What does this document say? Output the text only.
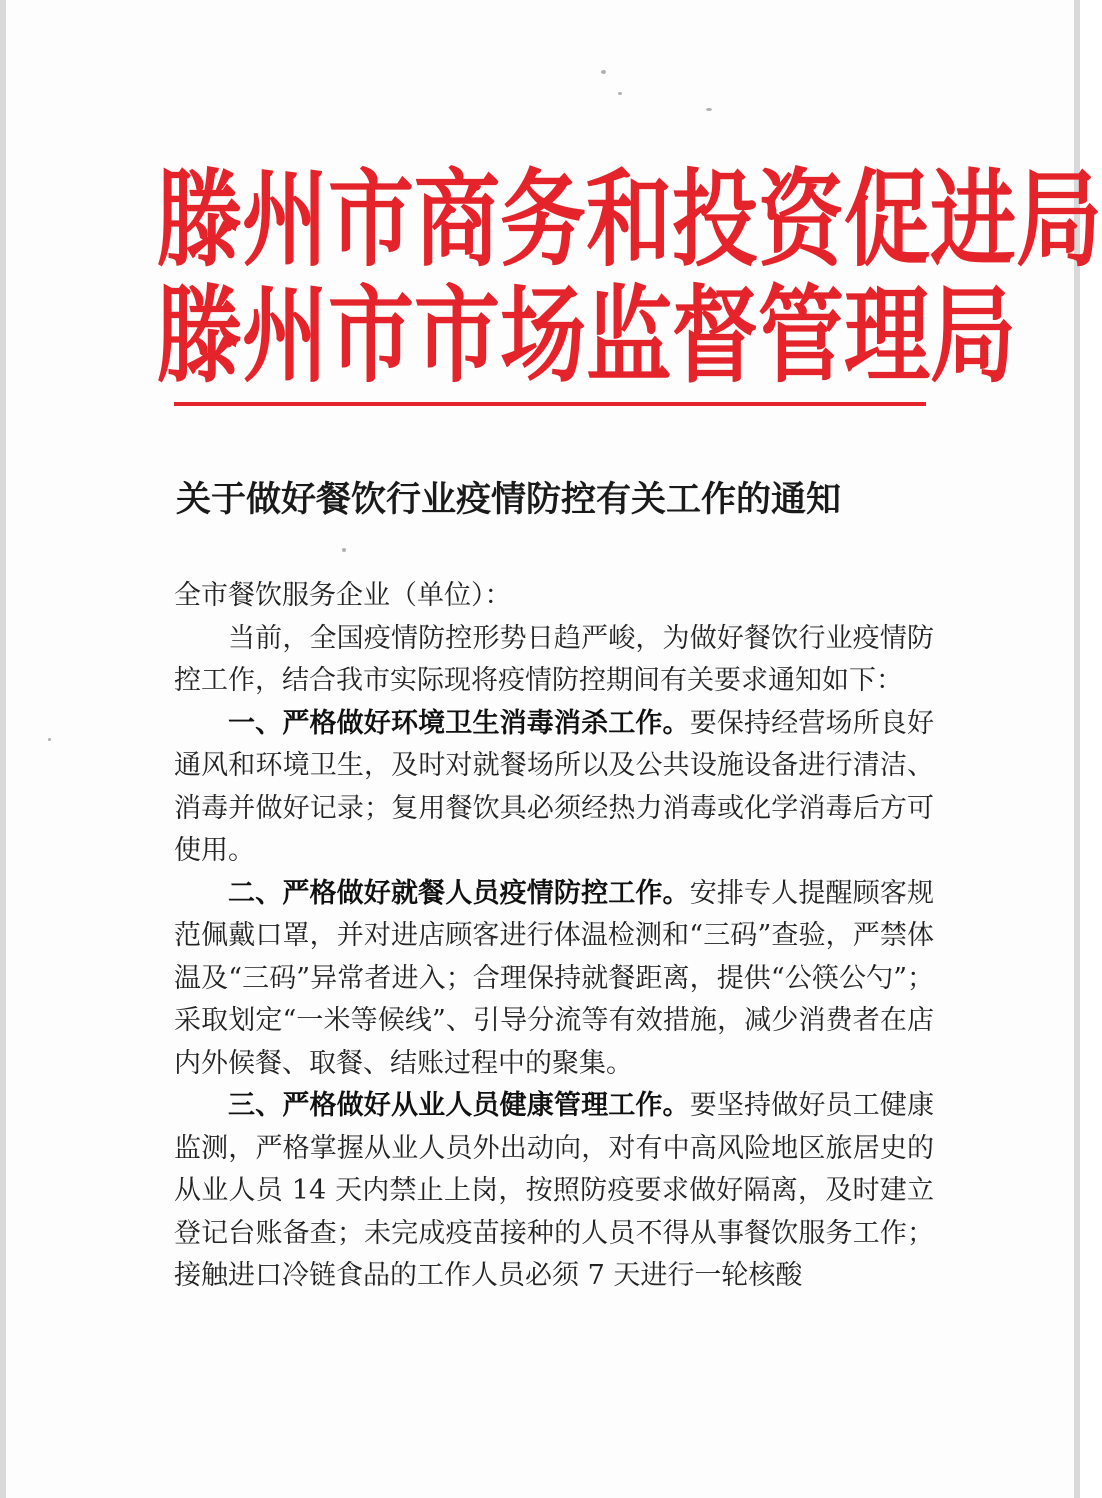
滕 州 市 商 务 和 投 资 促 进 局
滕 州 市 市 场 监 督 管 理 局
关于做好餐饮行业疫情防控有关工作的通知

全市餐饮服务企业（单位）：

当前，全国疫情防控形势日趋严峻，为做好餐饮行业疫情防控工作，结合我市实际现将疫情防控期间有关要求通知如下：

一、严格做好环境卫生消毒消杀工作。要保持经营场所良好通风和环境卫生，及时对就餐场所以及公共设施设备进行清洁、消毒并做好记录；复用餐饮具必须经热力消毒或化学消毒后方可使用。

二、严格做好就餐人员疫情防控工作。安排专人提醒顾客规范佩戴口罩，并对进店顾客进行体温检测和“三码”查验，严禁体温及“三码”异常者进入；合理保持就餐距离，提供“公筷公勺”；采取划定“一米等候线”、引导分流等有效措施，减少消费者在店内外候餐、取餐、结账过程中的聚集。

三、严格做好从业人员健康管理工作。要坚持做好员工健康监测，严格掌握从业人员外出动向，对有中高风险地区旅居史的从业人员 14 天内禁止上岗，按照防疫要求做好隔离，及时建立登记台账备查；未完成疫苗接种的人员不得从事餐饮服务工作；接触进口冷链食品的工作人员必须 7 天进行一轮核酸
